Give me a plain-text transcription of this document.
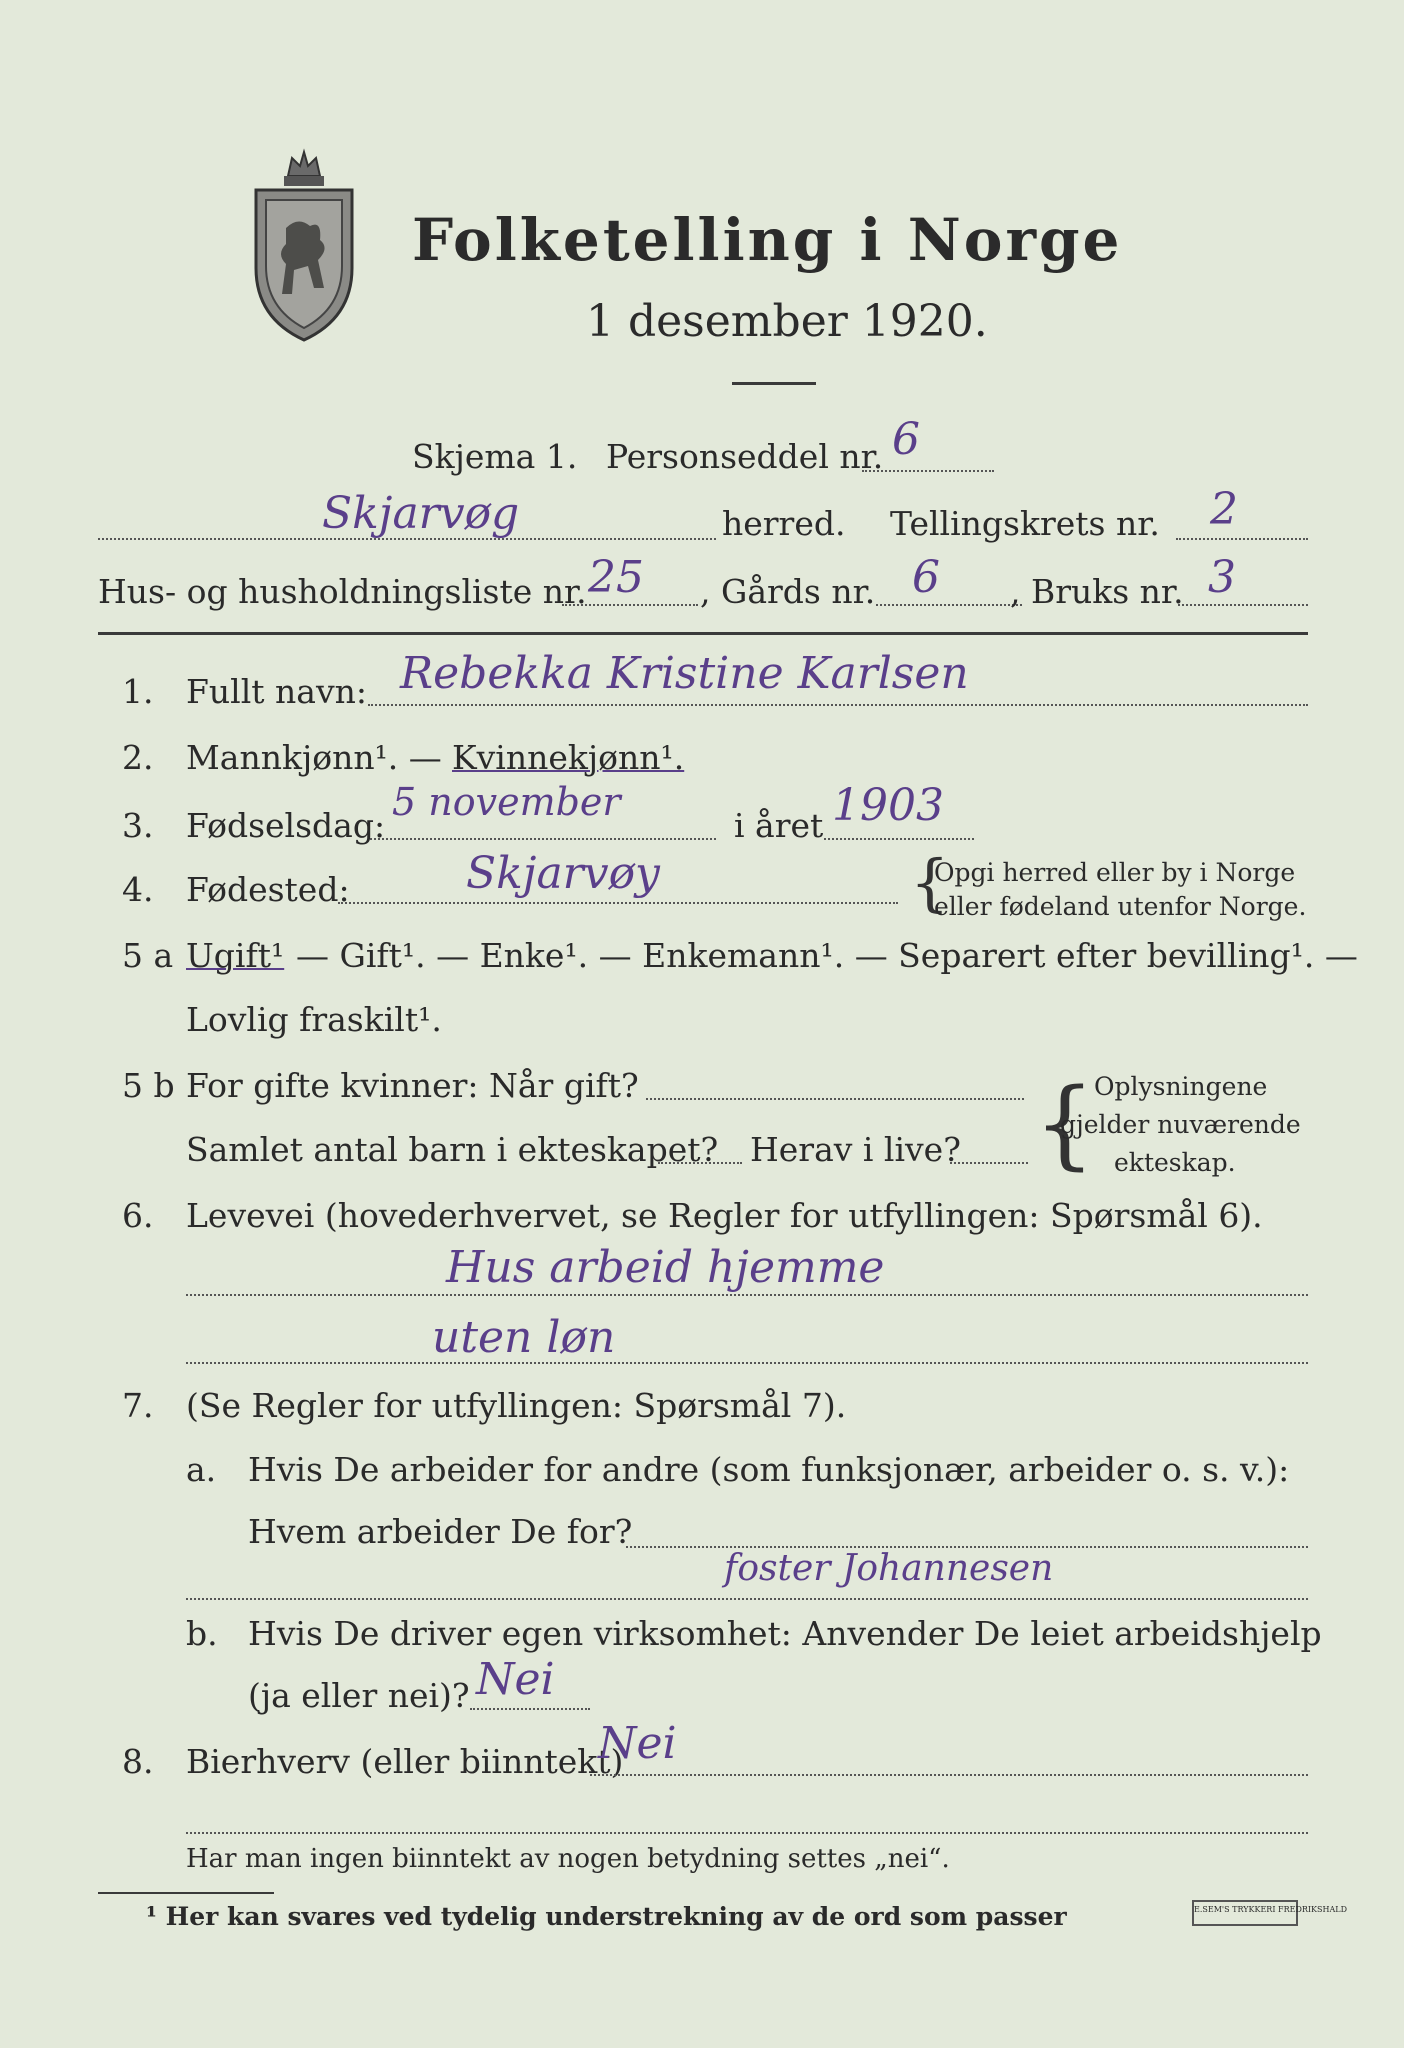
Folketelling i Norge
1 desember 1920.
Skjema 1. Personseddel nr. 6
Skjarvøg	herred. Tellingskrets nr. 2
Hus- og husholdningsliste nr. 25 , Gårds nr. 6 , Bruks nr. 3
1. Fullt navn: Rebekka Kristine Karlsen
2. Mannkjønn¹. — Kvinnekjønn¹.
3. Fødselsdag:
5 november
i året 1903
4. Fødested:	Skjarvøy	{
Opgi herred eller by i Norge
eller fødeland utenfor Norge.
5 a Ugift¹ — Gift¹. — Enke¹. — Enkemann¹. — Separert efter bevilling¹. —
Lovlig fraskilt¹.
5 b For gifte kvinner: Når gift?
Samlet antal barn i ekteskapet? Herav i live? {
Oplysningene
gjelder nuværende
ekteskap.
6. Levevei (hovederhvervet, se Regler for utfyllingen: Spørsmål 6).
Hus arbeid hjemme
uten løn
7. (Se Regler for utfyllingen: Spørsmål 7).
a. Hvis De arbeider for andre (som funksjonær, arbeider o. s. v.):
Hvem arbeider De for?
foster Johannesen
b. Hvis De driver egen virksomhet: Anvender De leiet arbeidshjelp
(ja eller nei)? Nei
8. Bierhverv (eller biinntekt)
Nei
Har man ingen biinntekt av nogen betydning settes „nei“.
¹ Her kan svares ved tydelig understrekning av de ord som passer	E.SEM'S TRYKKERI FREDRIKSHALD
